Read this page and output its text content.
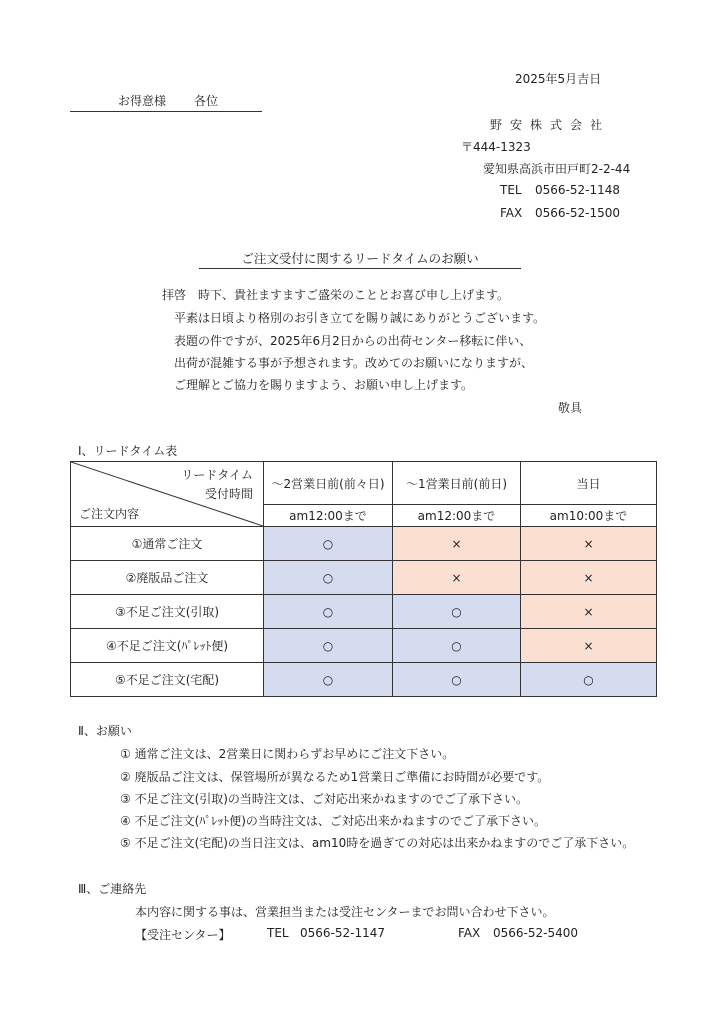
2025年5月吉日
お得意様 各位
野安株式会社
〒444-1323
愛知県高浜市田戸町2-2-44
TEL 0566-52-1148
FAX 0566-52-1500
ご注文受付に関するリードタイムのお願い
拝啓　時下、貴社ますますご盛栄のこととお喜び申し上げます。
平素は日頃より格別のお引き立てを賜り誠にありがとうございます。
表題の件ですが、2025年6月2日からの出荷センター移転に伴い、
出荷が混雑する事が予想されます。改めてのお願いになりますが、
ご理解とご協力を賜りますよう、お願い申し上げます。
敬具
Ⅰ、リードタイム表
リードタイム
受付時間
ご注文内容	～2営業日前(前々日)	～1営業日前(前日)	当日
	am12:00まで	am12:00まで	am10:00まで
①通常ご注文	○	×	×
②廃版品ご注文	○	×	×
③不足ご注文(引取)	○	○	×
④不足ご注文(ﾊﾟﾚｯﾄ便)	○	○	×
⑤不足ご注文(宅配)	○	○	○
Ⅱ、お願い
① 通常ご注文は、2営業日に関わらずお早めにご注文下さい。
② 廃版品ご注文は、保管場所が異なるため1営業日ご準備にお時間が必要です。
③ 不足ご注文(引取)の当時注文は、ご対応出来かねますのでご了承下さい。
④ 不足ご注文(ﾊﾟﾚｯﾄ便)の当時注文は、ご対応出来かねますのでご了承下さい。
⑤ 不足ご注文(宅配)の当日注文は、am10時を過ぎての対応は出来かねますのでご了承下さい。
Ⅲ、ご連絡先
本内容に関する事は、営業担当または受注センターまでお問い合わせ下さい。
【受注センター】	TEL 0566-52-1147	FAX 0566-52-5400
